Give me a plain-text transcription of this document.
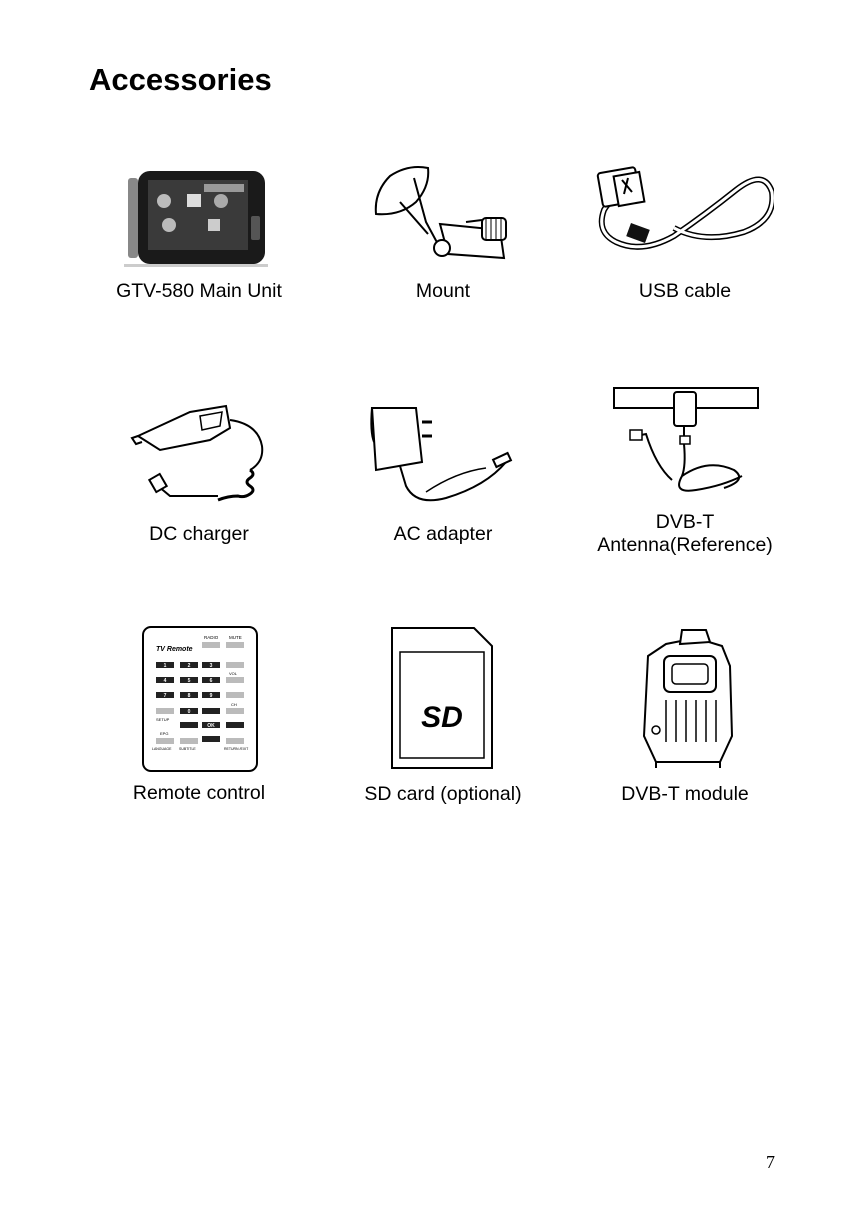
Accessories
GTV-580 Main Unit	Mount	USB cable
DC charger	AC adapter
DVB-T
Antenna(Reference)
TV Remote
RADIO MUTE
1	2	3
4	5	6
7	8	9
0
OK
VOL
CH
SETUP
EPG
LANGUAGE SUBTITLE	RETURN /EXIT
Remote control
SD
SD card (optional)	DVB-T module
7
